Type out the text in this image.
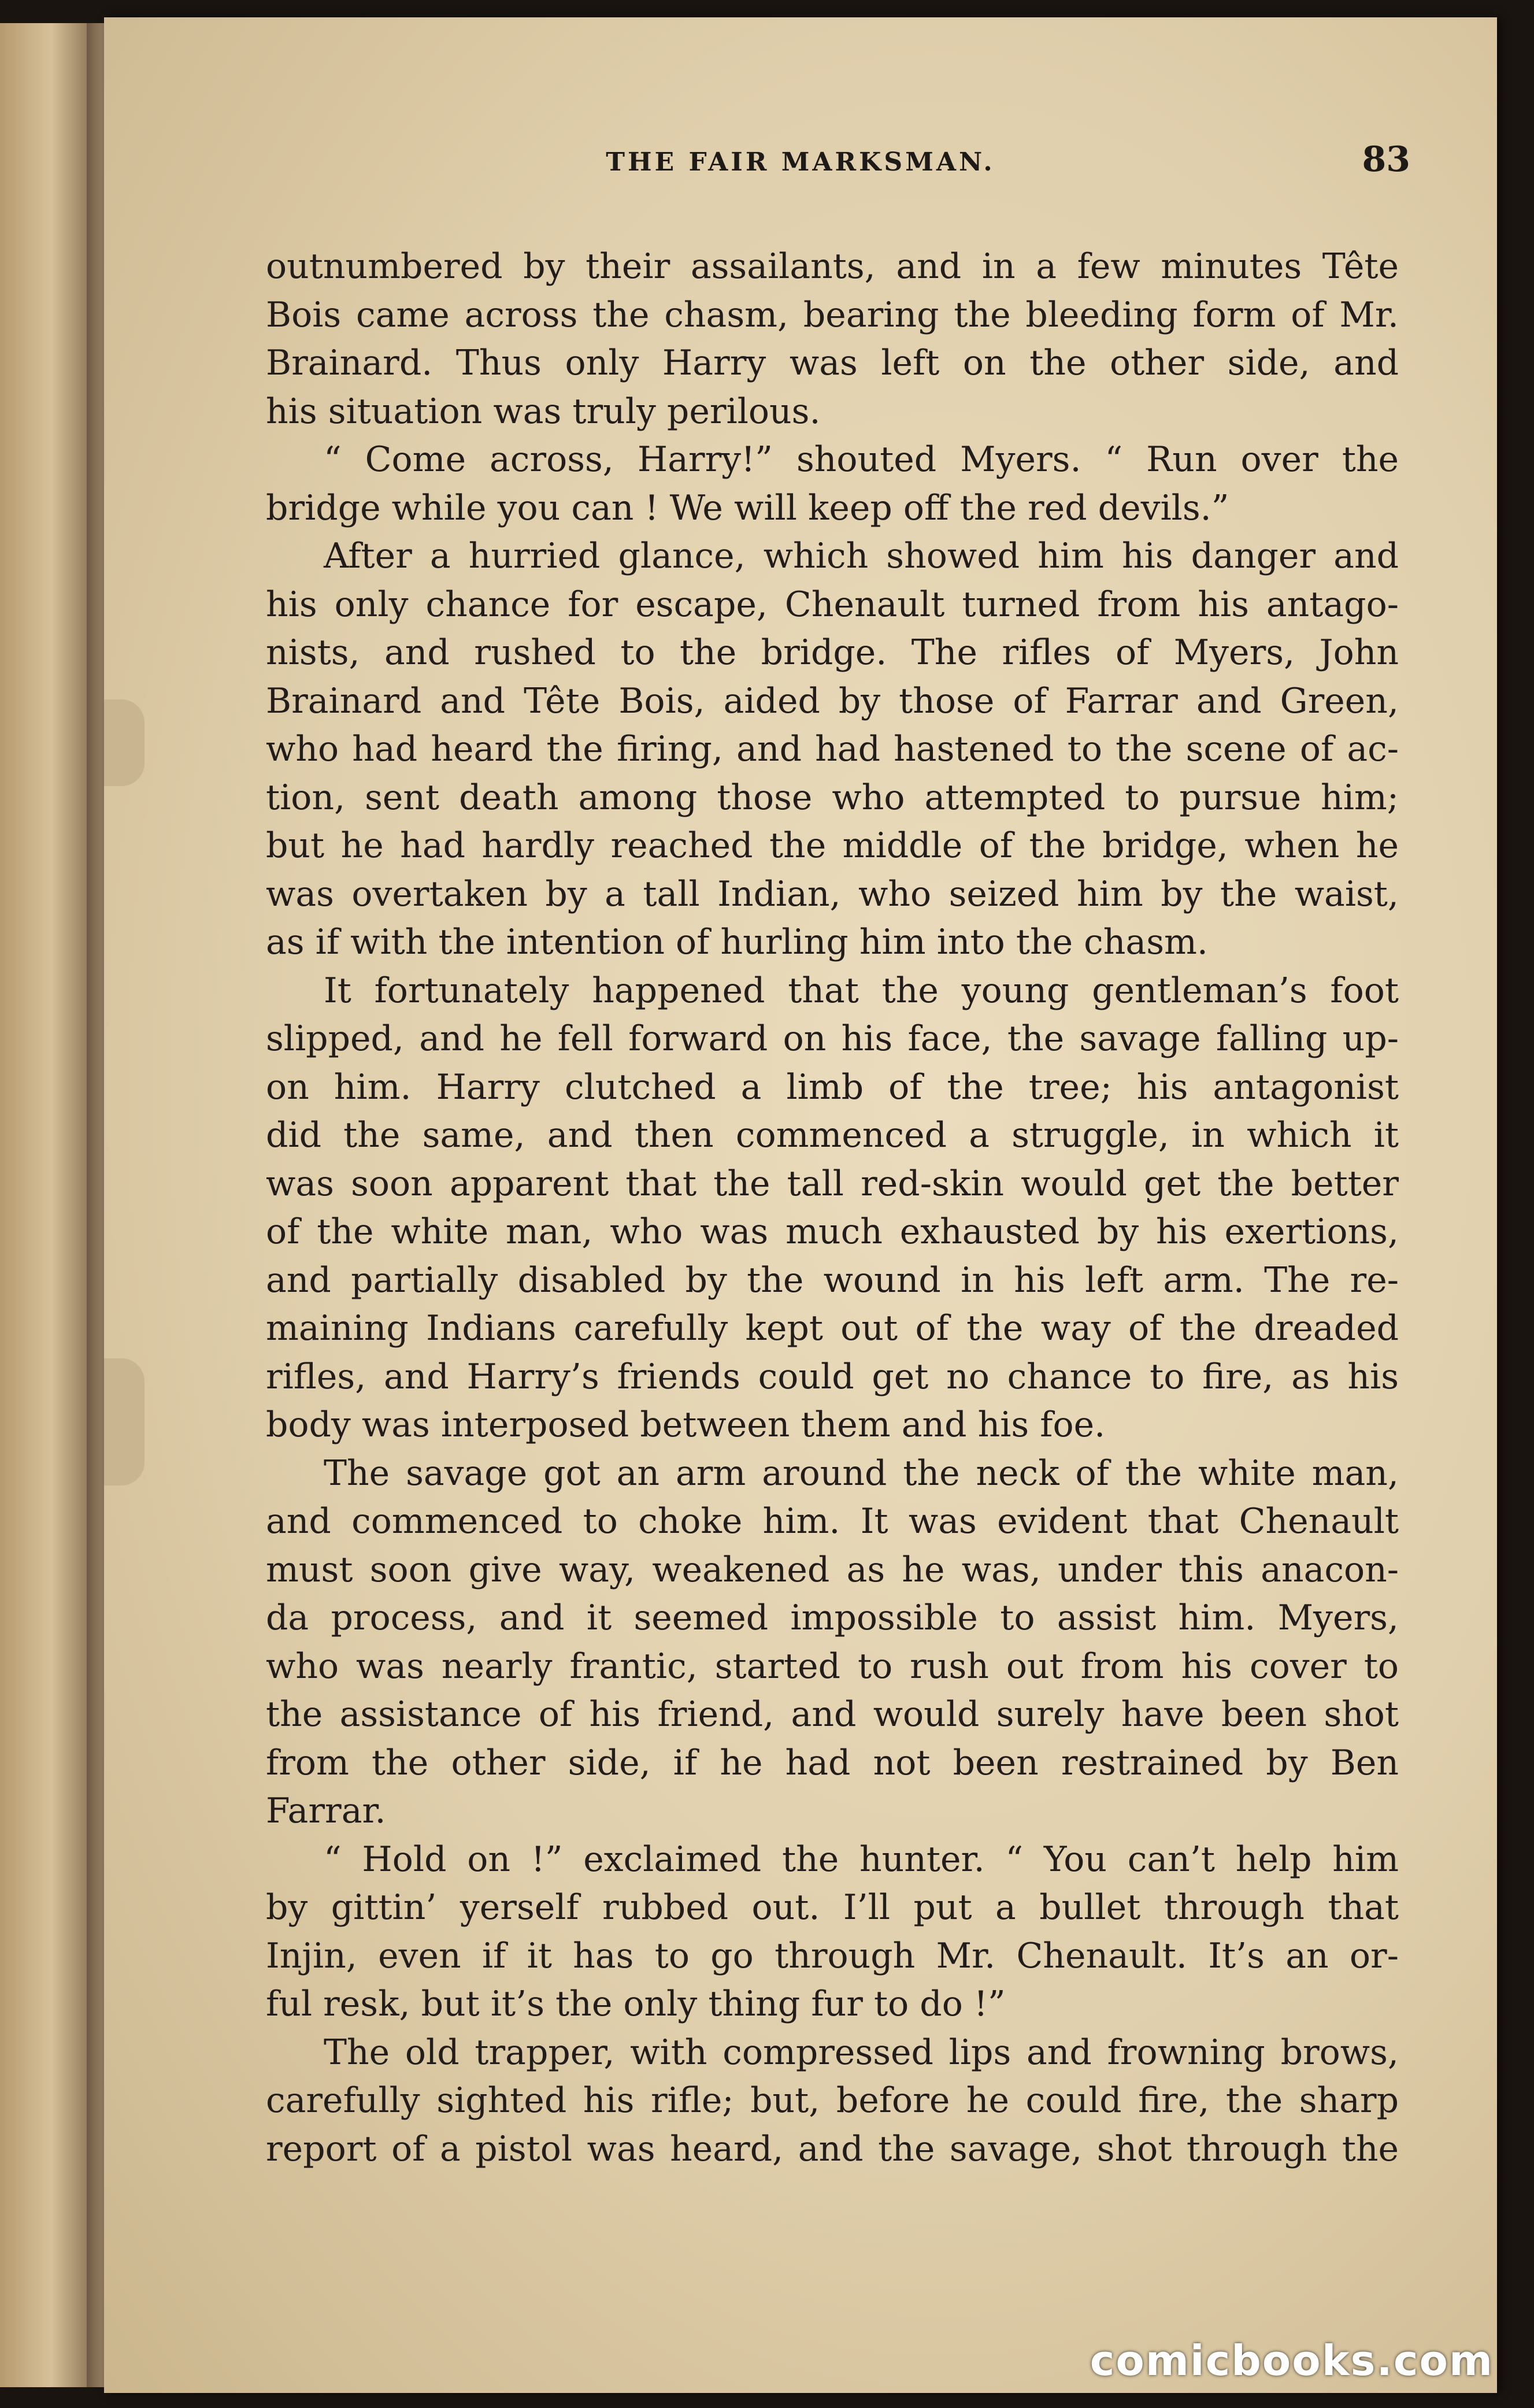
THE FAIR MARKSMAN.	83
outnumbered by their assailants, and in a few minutes Tête
Bois came across the chasm, bearing the bleeding form of Mr.
Brainard. Thus only Harry was left on the other side, and
his situation was truly perilous.
“ Come across, Harry!” shouted Myers. “ Run over the
bridge while you can ! We will keep off the red devils.”
After a hurried glance, which showed him his danger and
his only chance for escape, Chenault turned from his antago-
nists, and rushed to the bridge. The rifles of Myers, John
Brainard and Tête Bois, aided by those of Farrar and Green,
who had heard the firing, and had hastened to the scene of ac-
tion, sent death among those who attempted to pursue him;
but he had hardly reached the middle of the bridge, when he
was overtaken by a tall Indian, who seized him by the waist,
as if with the intention of hurling him into the chasm.
It fortunately happened that the young gentleman’s foot
slipped, and he fell forward on his face, the savage falling up-
on him. Harry clutched a limb of the tree; his antagonist
did the same, and then commenced a struggle, in which it
was soon apparent that the tall red-skin would get the better
of the white man, who was much exhausted by his exertions,
and partially disabled by the wound in his left arm. The re-
maining Indians carefully kept out of the way of the dreaded
rifles, and Harry’s friends could get no chance to fire, as his
body was interposed between them and his foe.
The savage got an arm around the neck of the white man,
and commenced to choke him. It was evident that Chenault
must soon give way, weakened as he was, under this anacon-
da process, and it seemed impossible to assist him. Myers,
who was nearly frantic, started to rush out from his cover to
the assistance of his friend, and would surely have been shot
from the other side, if he had not been restrained by Ben
Farrar.
“ Hold on !” exclaimed the hunter. “ You can’t help him
by gittin’ yerself rubbed out. I’ll put a bullet through that
Injin, even if it has to go through Mr. Chenault. It’s an or-
ful resk, but it’s the only thing fur to do !”
The old trapper, with compressed lips and frowning brows,
carefully sighted his rifle; but, before he could fire, the sharp
report of a pistol was heard, and the savage, shot through the
comicbooks.com
